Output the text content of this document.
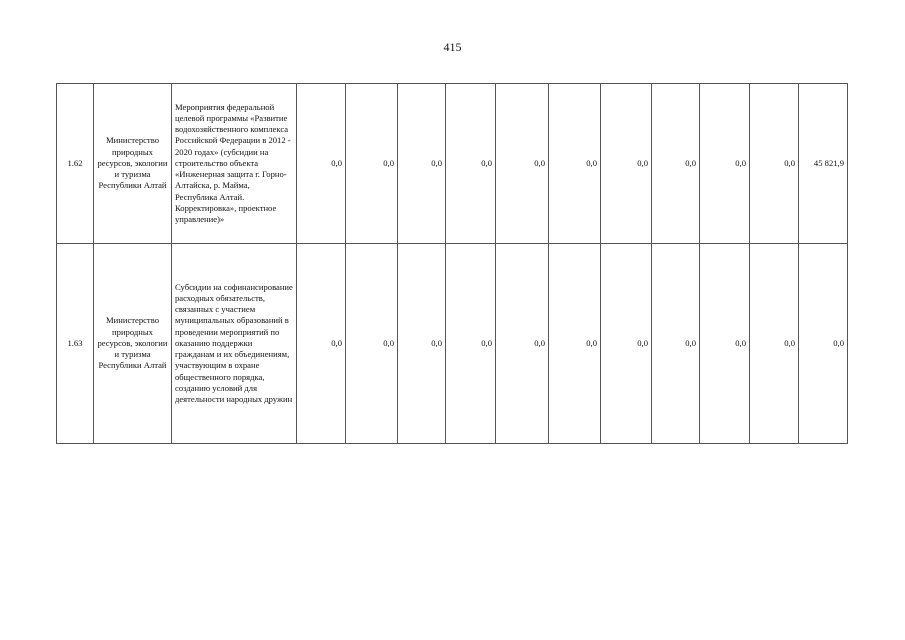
415
1.62	Министерство природных ресурсов, экологии и туризма Республики Алтай	Мероприятия федеральной целевой программы «Развитие водохозяйственного комплекса Российской Федерации в 2012 - 2020 годах» (субсидии на строительство объекта «Инженерная защита г. Горно-Алтайска, р. Майма, Республика Алтай. Корректировка», проектное управление)»	0,0	0,0	0,0	0,0	0,0	0,0	0,0	0,0	0,0	0,0	45 821,9
1.63	Министерство природных ресурсов, экологии и туризма Республики Алтай	Субсидии на софинансирование расходных обязательств, связанных с участием муниципальных образований в проведении мероприятий по оказанию поддержки гражданам и их объединениям, участвующим в охране общественного порядка, созданию условий для деятельности народных дружин	0,0	0,0	0,0	0,0	0,0	0,0	0,0	0,0	0,0	0,0	0,0
